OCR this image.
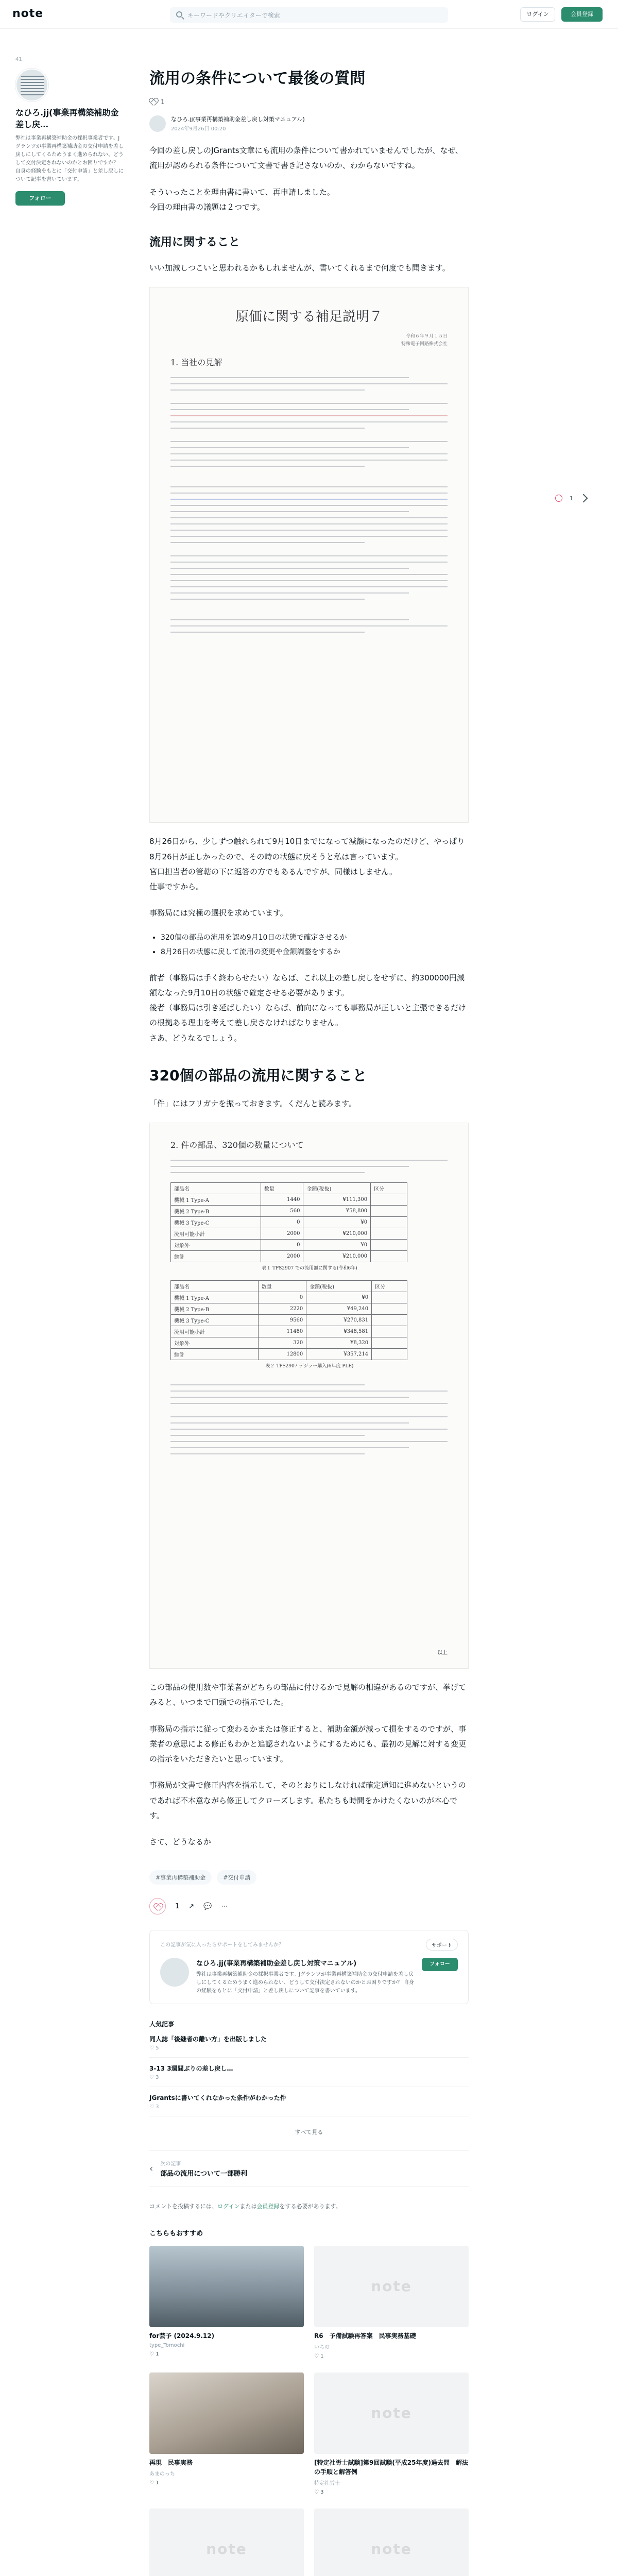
note	キーワードやクリエイターで検索	ログイン	会員登録
41
なひろ.jj(事業再構築補助金差し戻…
弊社は事業再構築補助金の採択事業者です。Jグランツが事業再構築補助金の交付申請を差し戻しにしてくるためうまく進められない、どうして交付決定されないのかとお困りですか？ 自身の経験をもとに「交付申請」と差し戻しについて記事を書いています。
フォロー
1
流用の条件について最後の質問
1
なひろ.jj(事業再構築補助金差し戻し対策マニュアル)
2024年9月26日 00:20

今回の差し戻しのJGrants文章にも流用の条件について書かれていませんでしたが、なぜ、流用が認められる条件について文書で書き記さないのか、わからないですね。

そういったことを理由書に書いて、再申請しました。

今回の理由書の議題は２つです。

流用に関すること

いい加減しつこいと思われるかもしれませんが、書いてくれるまで何度でも聞きます。

原価に関する補足説明７
令和６年９月１５日
特殊電子回路株式会社
1. 当社の見解

8月26日から、少しずつ触れられて9月10日までになって減額になったのだけど、やっぱり8月26日が正しかったので、その時の状態に戻そうと私は言っています。

宮口担当者の管轄の下に返答の方でもあるんですが、同様はしません。

仕事ですから。

事務局には究極の選択を求めています。

• 320個の部品の流用を認め9月10日の状態で確定させるか
• 8月26日の状態に戻して流用の変更や金額調整をするか

前者（事務局は手く終わらせたい）ならば、これ以上の差し戻しをせずに、約300000円減額ななった9月10日の状態で確定させる必要があります。

後者（事務局は引き延ばしたい）ならば、前向になっても事務局が正しいと主張できるだけの根拠ある理由を考えて差し戻さなければなりません。

さあ、どうなるでしょう。

320個の部品の流用に関すること

「件」にはフリガナを振っておきます。くだんと読みます。

2. 件の部品、320個の数量について
部品名	数量	金額(税抜)	区分
機械 1 Type-A	1440	¥111,300	
機械 2 Type-B	560	¥58,800	
機械 3 Type-C	0	¥0	
流用可能小計	2000	¥210,000	
対象外	0	¥0	
総計	2000	¥210,000	
表１ TPS2907 での流用額に関する(令和6年)
部品名	数量	金額(税抜)	区分
機械 1 Type-A	0	¥0	
機械 2 Type-B	2220	¥49,240	
機械 3 Type-C	9560	¥270,831	
流用可能小計	11480	¥348,581	
対象外	320	¥8,320	
総計	12800	¥357,214	
表２ TPS2907 デジラー購入(6年度 PLE)
以上

この部品の使用数や事業者がどちらの部品に付けるかで見解の相違があるのですが、挙げてみると、いつまで口頭での指示でした。

事務局の指示に従って変わるかまたは修正すると、補助金額が減って損をするのですが、事業者の意思による修正もわかと追認されないようにするためにも、最初の見解に対する変更の指示をいただきたいと思っています。

事務局が文書で修正内容を指示して、そのとおりにしなければ確定通知に進めないというのであれば不本意ながら修正してクローズします。私たちも時間をかけたくないのが本心です。

さて、どうなるか

#事業再構築補助金	#交付申請
1 ↗ 💬 ⋯
この記事が気に入ったらサポートをしてみませんか？	サポート
なひろ.jj(事業再構築補助金差し戻し対策マニュアル)
弊社は事業再構築補助金の採択事業者です。Jグランツが事業再構築補助金の交付申請を差し戻しにしてくるためうまく進められない、どうして交付決定されないのかとお困りですか？ 自身の経験をもとに「交付申請」と差し戻しについて記事を書いています。
フォロー
人気記事
同人誌「後継者の離い方」を出版しました
♡ 5
3-13 3週間ぶりの差し戻し…
♡ 3
JGrantsに書いてくれなかった条件がわかった件
♡ 3
すべて見る
‹ 次の記事
部品の流用について一部勝利
コメントを投稿するには、ログインまたは会員登録をする必要があります。
こちらもおすすめ
for芸予 (2024.9.12)
type_Tomochi
♡ 1
note
R6　予備試験再答案　民事実務基礎
いちの
♡ 1
再現　民事実務
あまのっち
♡ 1
note
[特定社労士試験]第9回試験(平成25年度)過去問　解法の手順と解答例
特定社労士
♡ 3
note	note
